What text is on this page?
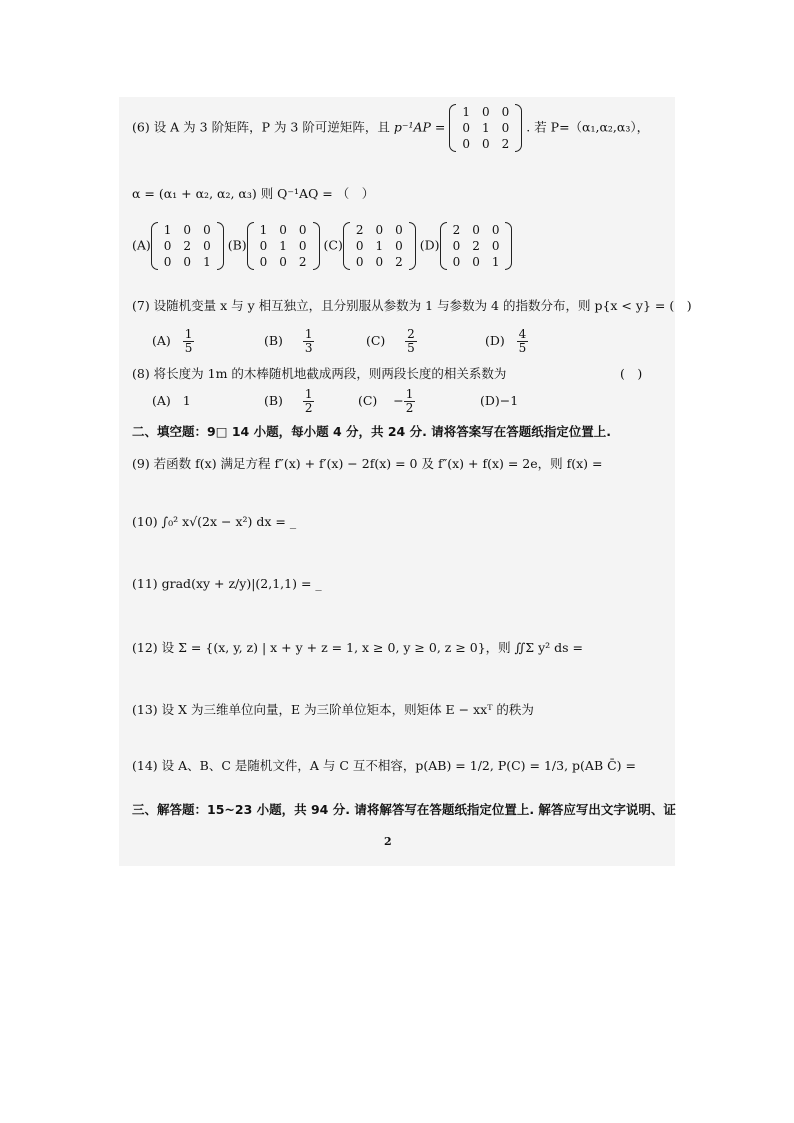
(6) 设 A 为 3 阶矩阵，P 为 3 阶可逆矩阵，且 p⁻¹AP =
1	0	0
0	1	0
0	0	2
. 若 P=（α₁,α₂,α₃），
α = (α₁ + α₂, α₂, α₃) 则 Q⁻¹AQ = （　）
(A)
1	0	0
0	2	0
0	0	1
(B)
1	0	0
0	1	0
0	0	2
(C)
2	0	0
0	1	0
0	0	2
(D)
2	0	0
0	2	0
0	0	1
(7) 设随机变量 x 与 y 相互独立，且分别服从参数为 1 与参数为 4 的指数分布，则 p{x < y} = (　)
$(A) \frac{1}{5}$	$(B) \frac{1}{3}$	$(C) \frac{2}{5}$	$(D) \frac{4}{5}$
(8) 将长度为 1m 的木棒随机地截成两段，则两段长度的相关系数为	(　)
(A) 1	$(B) \frac{1}{2}$	$(C) - \frac{1}{2}$	(D)−1
二、填空题：9□ 14 小题，每小题 4 分，共 24 分. 请将答案写在答题纸指定位置上.
(9) 若函数 f(x) 满足方程 f″(x) + f′(x) − 2f(x) = 0 及 f″(x) + f(x) = 2e，则 f(x) =
(10) ∫₀² x√(2x − x²) dx = _
(11) grad(xy + z/y)|(2,1,1) = _
(12) 设 Σ = {(x, y, z) | x + y + z = 1, x ≥ 0, y ≥ 0, z ≥ 0}，则 ∬Σ y² ds =
(13) 设 X 为三维单位向量，E 为三阶单位矩本，则矩体 E − xxᵀ 的秩为
(14) 设 A、B、C 是随机文件，A 与 C 互不相容，p(AB) = 1/2, P(C) = 1/3, p(AB C̄) =
三、解答题：15~23 小题，共 94 分. 请将解答写在答题纸指定位置上. 解答应写出文字说明、证
2
